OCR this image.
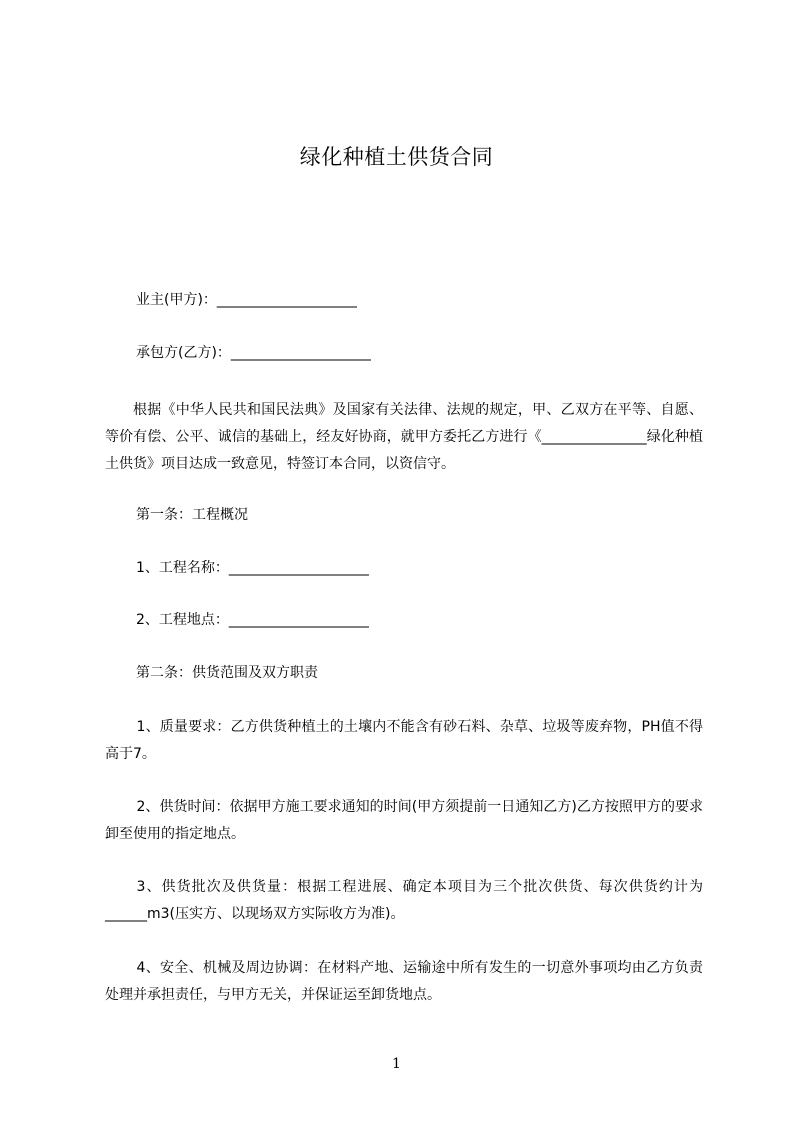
绿化种植土供货合同
业主(甲方)：____________________
承包方(乙方)：____________________
根据《中华人民共和国民法典》及国家有关法律、法规的规定，甲、乙双方在平等、自愿、等价有偿、公平、诚信的基础上，经友好协商，就甲方委托乙方进行《_______________绿化种植土供货》项目达成一致意见，特签订本合同，以资信守。
第一条：工程概况
1、工程名称：____________________
2、工程地点：____________________
第二条：供货范围及双方职责
1、质量要求：乙方供货种植土的土壤内不能含有砂石料、杂草、垃圾等废弃物，PH值不得高于7。
2、供货时间：依据甲方施工要求通知的时间(甲方须提前一日通知乙方)乙方按照甲方的要求卸至使用的指定地点。
3、供货批次及供货量：根据工程进展、确定本项目为三个批次供货、每次供货约计为______m3(压实方、以现场双方实际收方为准)。
4、安全、机械及周边协调：在材料产地、运输途中所有发生的一切意外事项均由乙方负责处理并承担责任，与甲方无关，并保证运至卸货地点。
1
